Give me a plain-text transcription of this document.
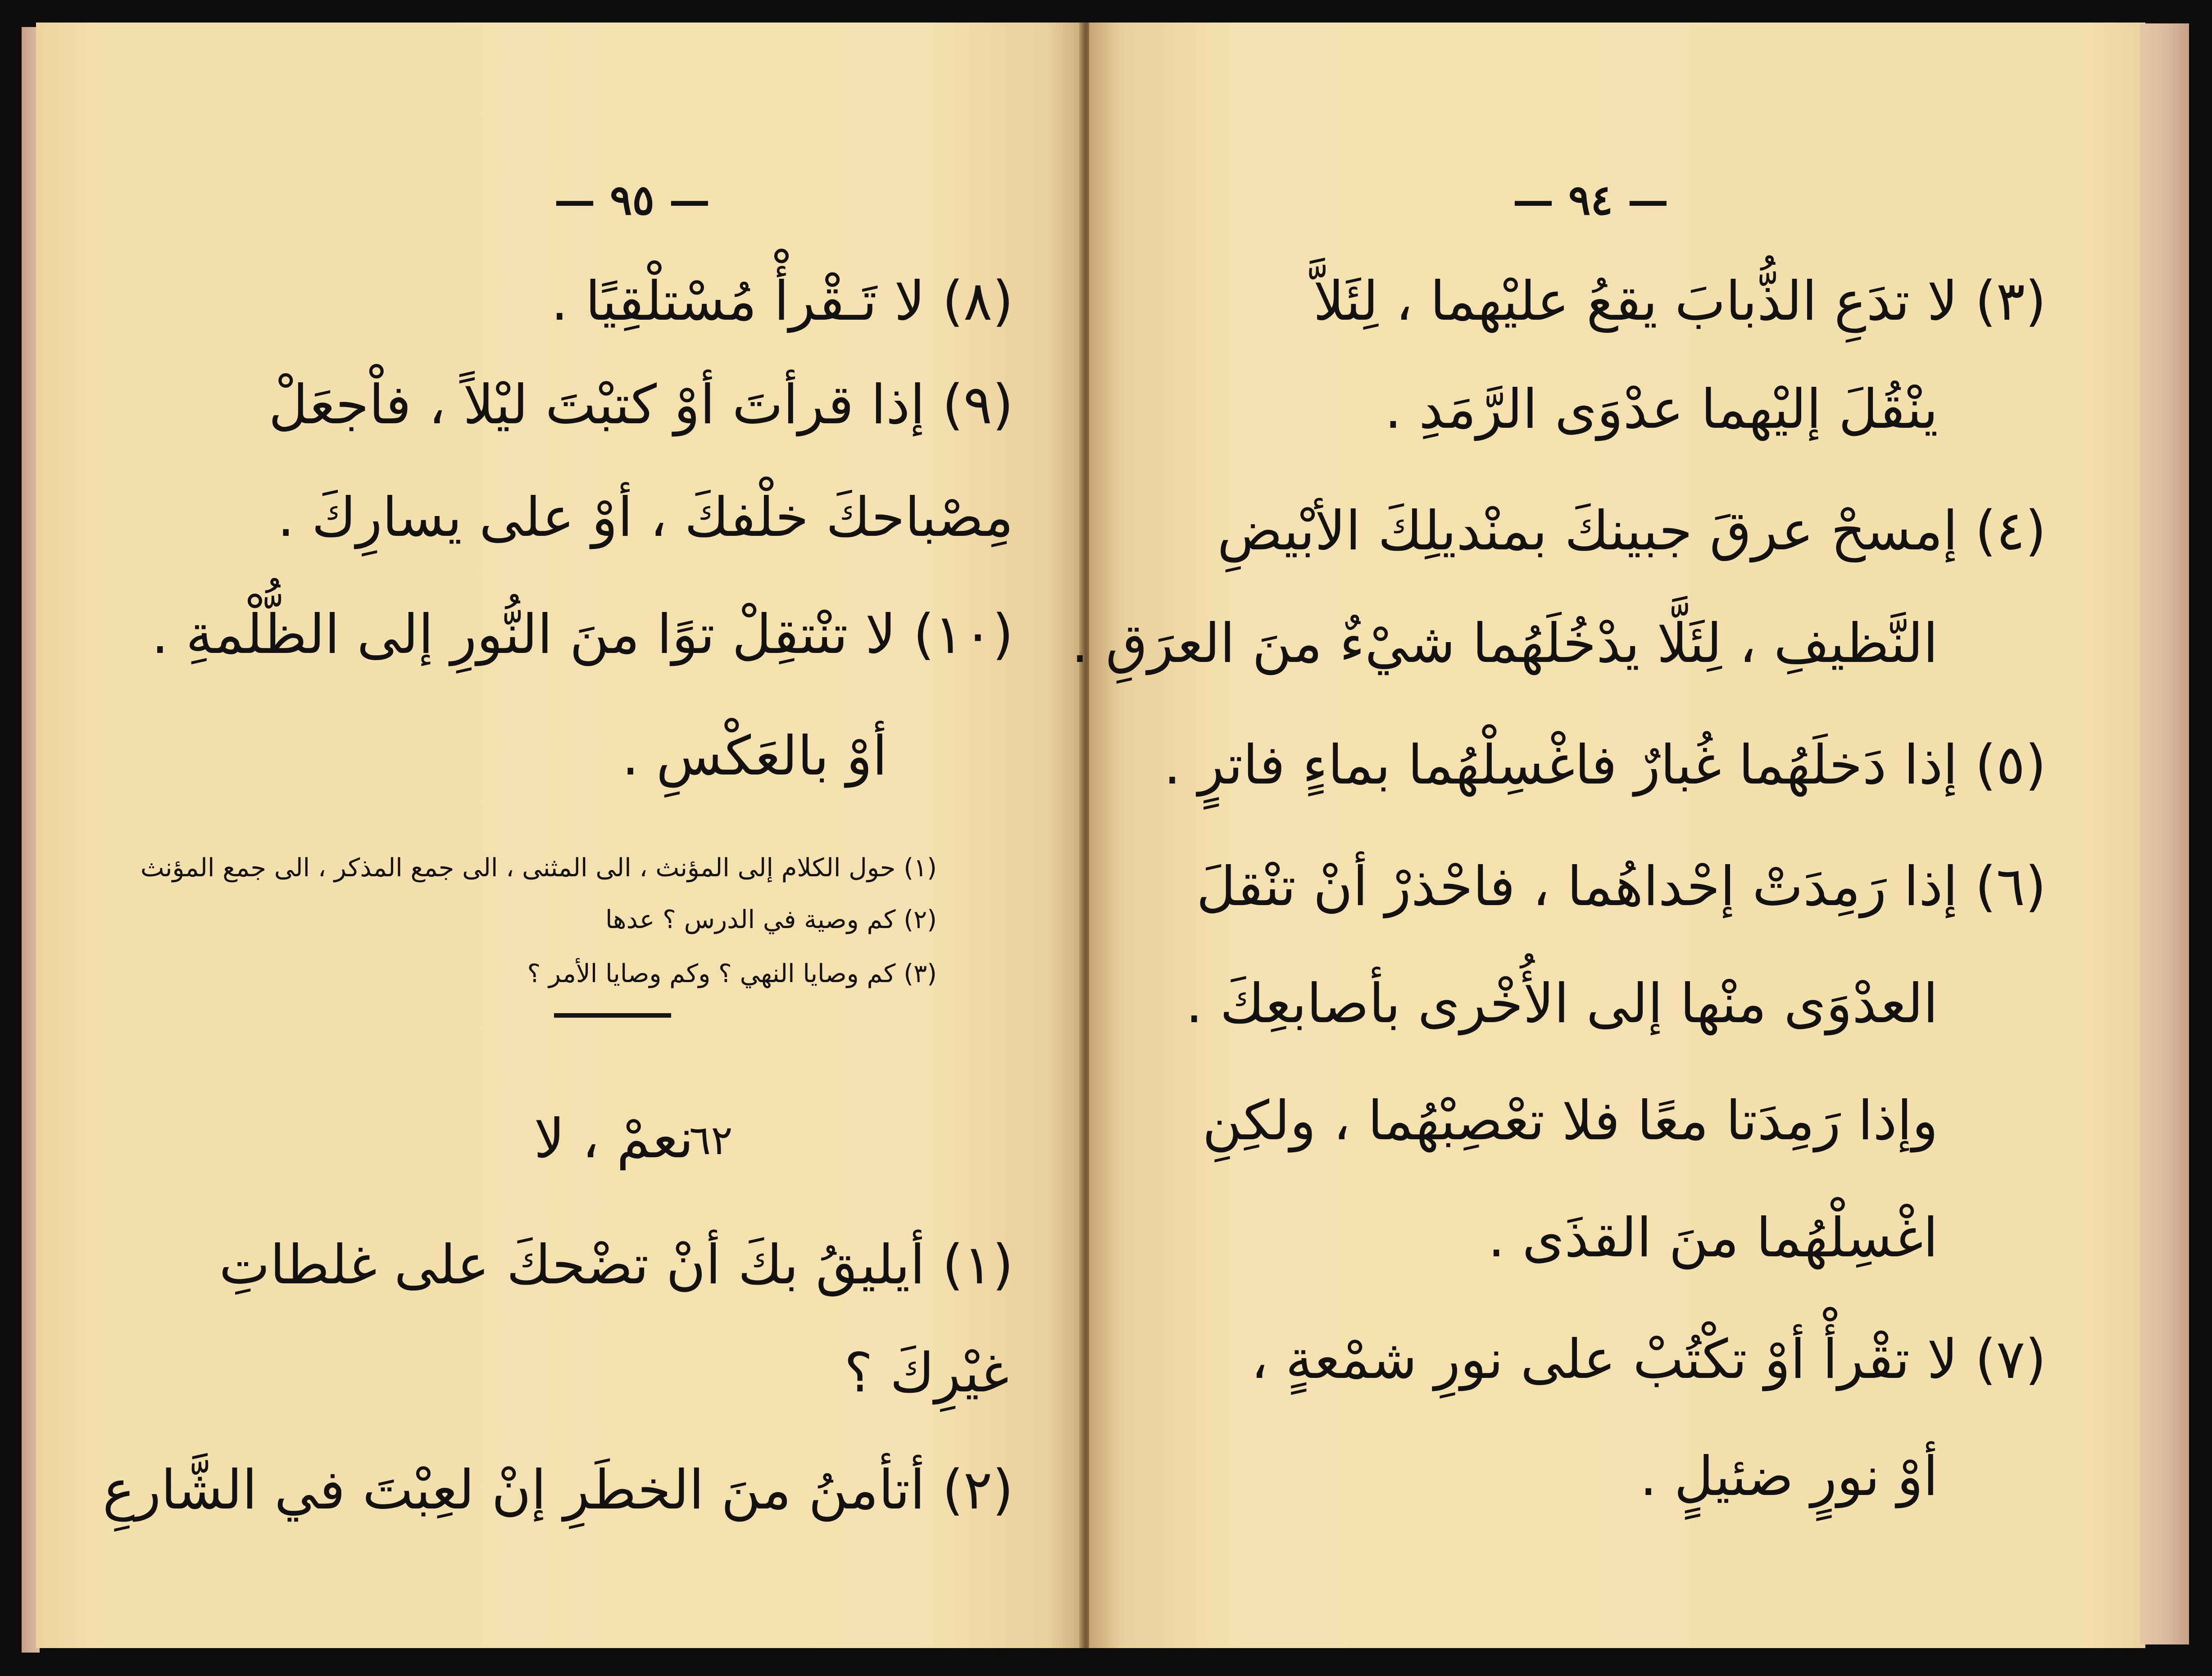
— ٩٥ —
(٨) لا تَـقْرأْ مُسْتلْقِيًا .
(٩) إذا قرأتَ أوْ كتبْتَ ليْلاً ، فاْجعَلْ
مِصْباحكَ خلْفكَ ، أوْ على يسارِكَ .
(١٠) لا تنْتقِلْ توًا منَ النُّورِ إلى الظُّلْمةِ .
أوْ بالعَكْسِ .
(١) حول الكلام إلى المؤنث ، الى المثنى ، الى جمع المذكر ، الى جمع المؤنث
(٢) كم وصية في الدرس ؟ عدها
(٣) كم وصايا النهي ؟ وكم وصايا الأمر ؟
نعمْ ، لا
٦٢
(١) أيليقُ بكَ أنْ تضْحكَ على غلطاتِ
غيْرِكَ ؟
(٢) أتأمنُ منَ الخطَرِ إنْ لعِبْتَ في الشَّارعِ
— ٩٤ —
(٣) لا تدَعِ الذُّبابَ يقعُ عليْهما ، لِئَلاَّ
ينْقُلَ إليْهما عدْوَى الرَّمَدِ .
(٤) إمسحْ عرقَ جبينكَ بمنْديلِكَ الأبْيضِ
النَّظيفِ ، لِئَلَّا يدْخُلَهُما شيْءٌ منَ العرَقِ .
(٥) إذا دَخلَهُما غُبارٌ فاغْسِلْهُما بماءٍ فاترٍ .
(٦) إذا رَمِدَتْ إحْداهُما ، فاحْذرْ أنْ تنْقلَ
العدْوَى منْها إلى الأُخْرى بأصابعِكَ .
وإذا رَمِدَتا معًا فلا تعْصِبْهُما ، ولكِنِ
اغْسِلْهُما منَ القذَى .
(٧) لا تقْرأْ أوْ تكْتُبْ على نورِ شمْعةٍ ،
أوْ نورٍ ضئيلٍ .
